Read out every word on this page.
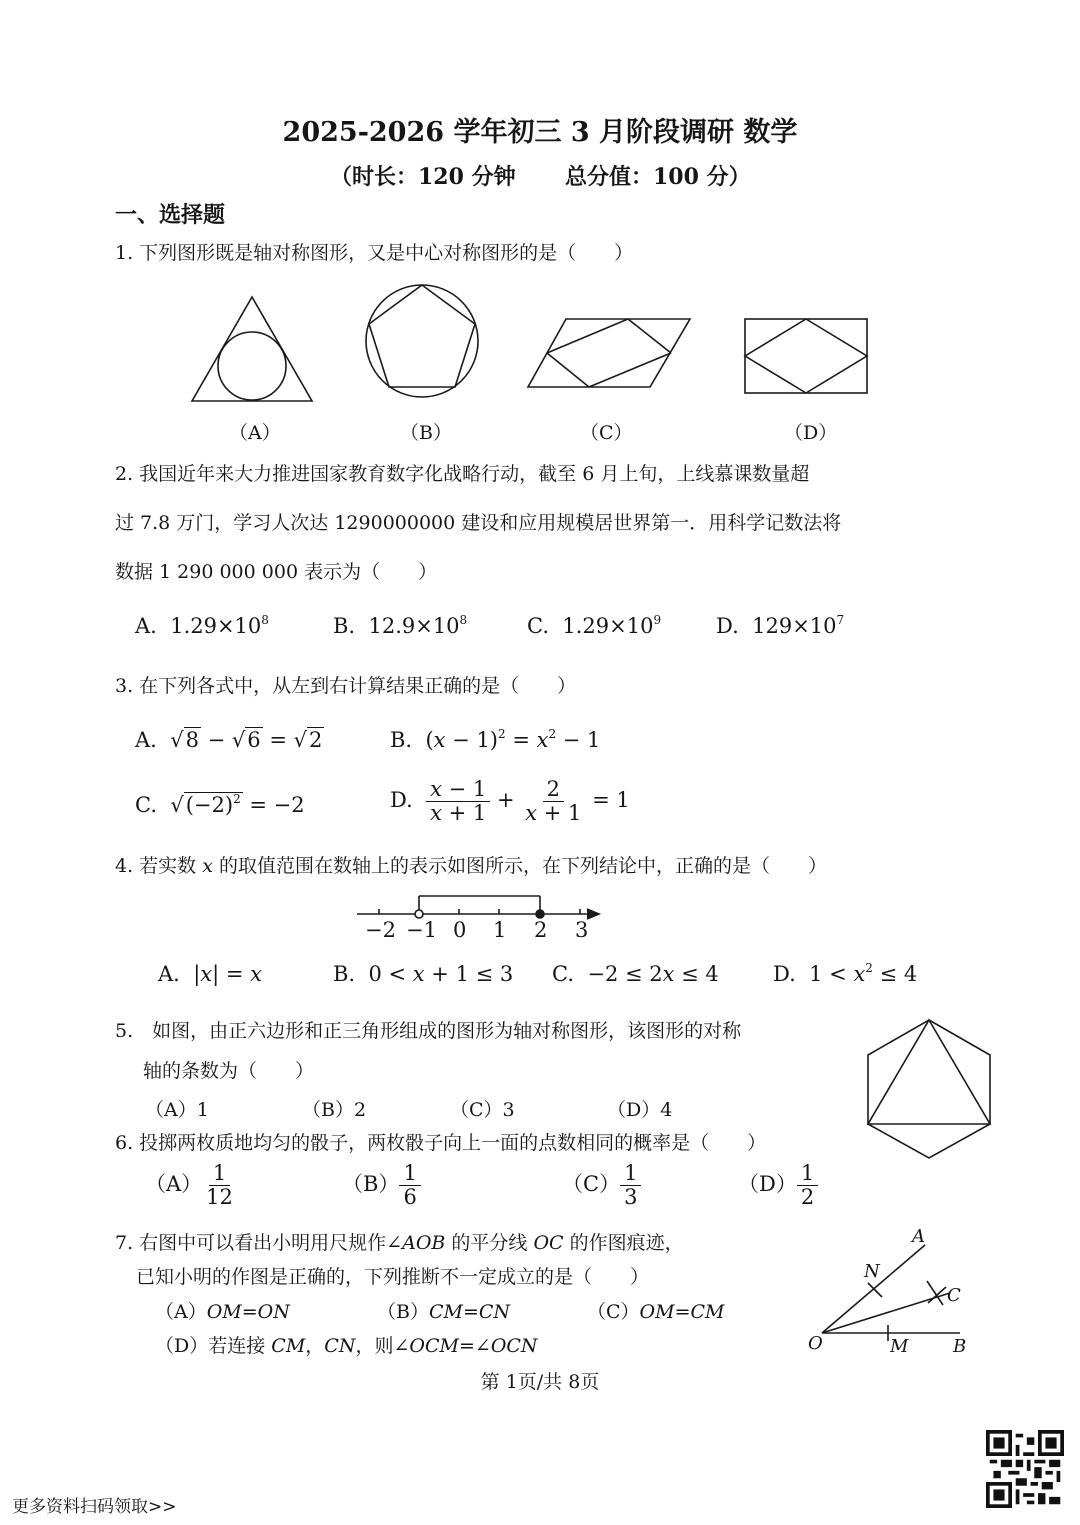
2025-2026 学年初三 3 月阶段调研 数学
（时长：120 分钟 总分值：100 分）
一、选择题
1. 下列图形既是轴对称图形，又是中心对称图形的是（　　）
（A）	（B）	（C）	（D）
2. 我国近年来大力推进国家教育数字化战略行动，截至 6 月上旬，上线慕课数量超
过 7.8 万门，学习人次达 1290000000 建设和应用规模居世界第一．用科学记数法将
数据 1 290 000 000 表示为（　　）
A. $1.29\times 10^8$	B. $12.9\times 10^8$	C. $1.29\times 10^9$	D. $129\times 10^7$
3. 在下列各式中，从左到右计算结果正确的是（　　）
A.  √8 − √6 = √2	B.  $(x - 1)^2 = x^2 - 1$
C.  $√(-2)^2 = -2$	D. $\frac{x - 1}{x + 1} + \frac{2}{x + 1} = 1$
4. 若实数 x 的取值范围在数轴上的表示如图所示，在下列结论中，正确的是（　　）
−2 −1 0 1 2 3
A.  |x| = x	B.  0 < x + 1 ≤ 3 C.  −2 ≤ 2x ≤ 4	D.  $1 < x^2 \le 4$
5.　如图，由正六边形和正三角形组成的图形为轴对称图形，该图形的对称
轴的条数为（　　）
（A）1	（B）2	（C）3	（D）4
6. 投掷两枚质地均匀的骰子，两枚骰子向上一面的点数相同的概率是（　　）
$(A) \frac{1}{12}$	$(B) \frac{1}{6}$	$(C) \frac{1}{3}$	$(D) \frac{1}{2}$
7. 右图中可以看出小明用尺规作∠AOB 的平分线 OC 的作图痕迹，
已知小明的作图是正确的，下列推断不一定成立的是（　　）
（A）OM=ON	（B）CM=CN	（C）OM=CM
（D）若连接 CM，CN，则∠OCM=∠OCN
A
N
C
O	M B
第 1页/共 8页
更多资料扫码领取>>
